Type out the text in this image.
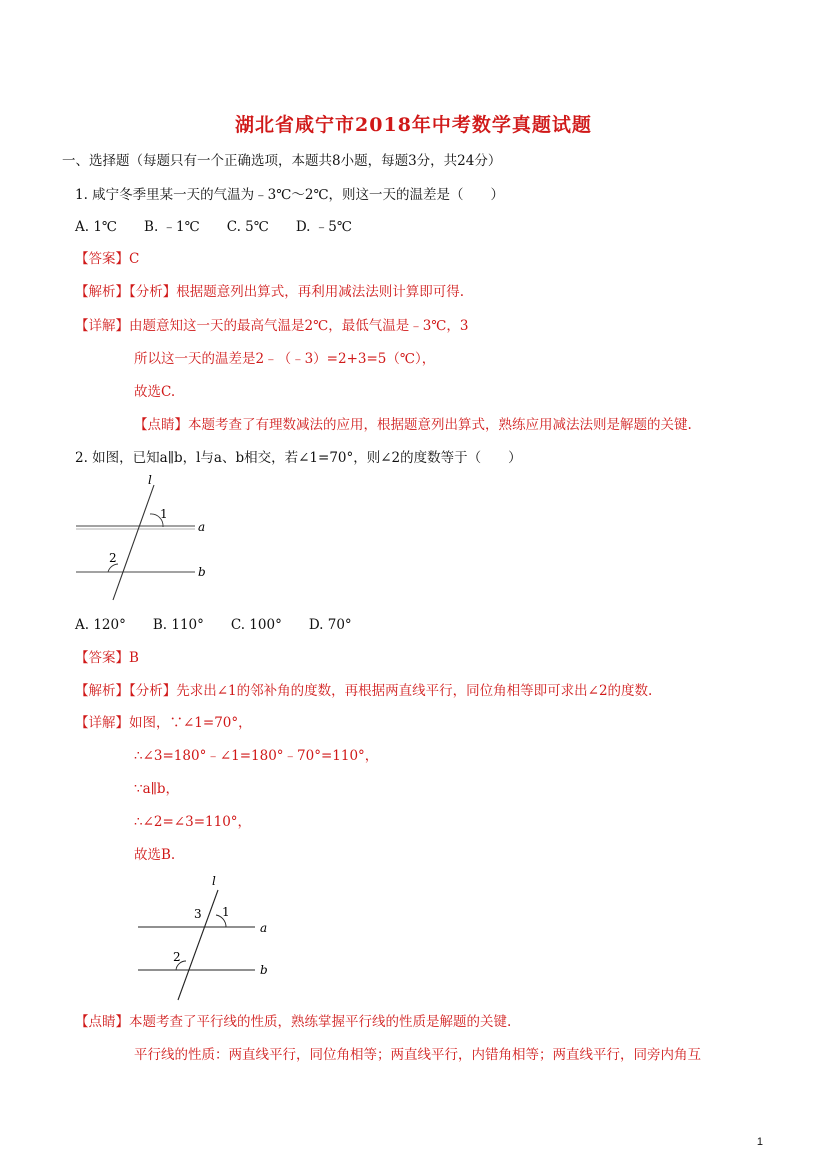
湖北省咸宁市2018年中考数学真题试题
一、选择题（每题只有一个正确选项，本题共8小题，每题3分，共24分）
1. 咸宁冬季里某一天的气温为﹣3℃～2℃，则这一天的温差是（　　）
A. 1℃　　B. ﹣1℃　　C. 5℃　　D. ﹣5℃
【答案】C
【解析】【分析】根据题意列出算式，再利用减法法则计算即可得.
【详解】由题意知这一天的最高气温是2℃，最低气温是﹣3℃，3
所以这一天的温差是2﹣（﹣3）=2+3=5（℃），
故选C.
【点睛】本题考查了有理数减法的应用，根据题意列出算式，熟练应用减法法则是解题的关键.
2. 如图，已知a∥b，l与a、b相交，若∠1=70°，则∠2的度数等于（　　）
l
1
a
2
b
A. 120°　　B. 110°　　C. 100°　　D. 70°
【答案】B
【解析】【分析】先求出∠1的邻补角的度数，再根据两直线平行，同位角相等即可求出∠2的度数.
【详解】如图，∵∠1=70°，
∴∠3=180°﹣∠1=180°﹣70°=110°，
∵a∥b，
∴∠2=∠3=110°，
故选B.
l
3 1
a
2
b
【点睛】本题考查了平行线的性质，熟练掌握平行线的性质是解题的关键.
平行线的性质：两直线平行，同位角相等；两直线平行，内错角相等；两直线平行，同旁内角互
1
